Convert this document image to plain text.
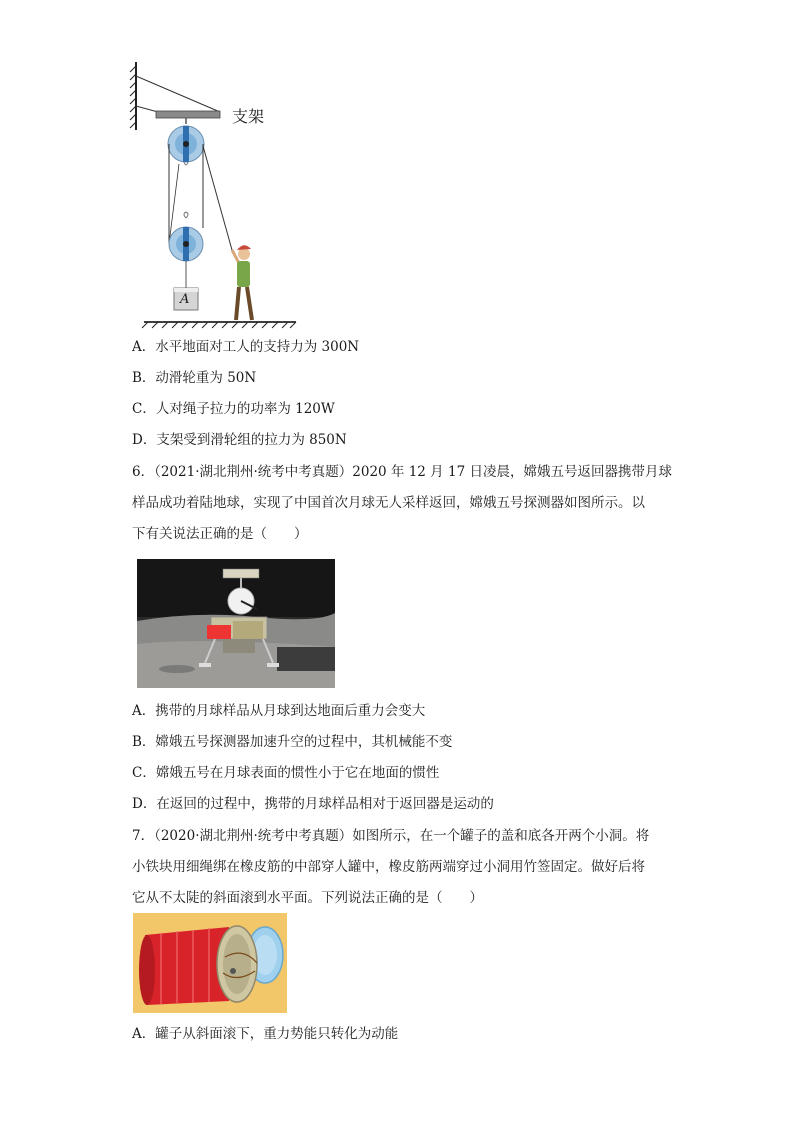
支架
A
A．水平地面对工人的支持力为 300N
B．动滑轮重为 50N
C．人对绳子拉力的功率为 120W
D．支架受到滑轮组的拉力为 850N
6．（2021·湖北荆州·统考中考真题）2020 年 12 月 17 日凌晨，嫦娥五号返回器携带月球
样品成功着陆地球，实现了中国首次月球无人采样返回，嫦娥五号探测器如图所示。以
下有关说法正确的是（　　）
A．携带的月球样品从月球到达地面后重力会变大
B．嫦娥五号探测器加速升空的过程中，其机械能不变
C．嫦娥五号在月球表面的惯性小于它在地面的惯性
D．在返回的过程中，携带的月球样品相对于返回器是运动的
7．（2020·湖北荆州·统考中考真题）如图所示，在一个罐子的盖和底各开两个小洞。将
小铁块用细绳绑在橡皮筋的中部穿人罐中，橡皮筋两端穿过小洞用竹签固定。做好后将
它从不太陡的斜面滚到水平面。下列说法正确的是（　　）
A．罐子从斜面滚下，重力势能只转化为动能
